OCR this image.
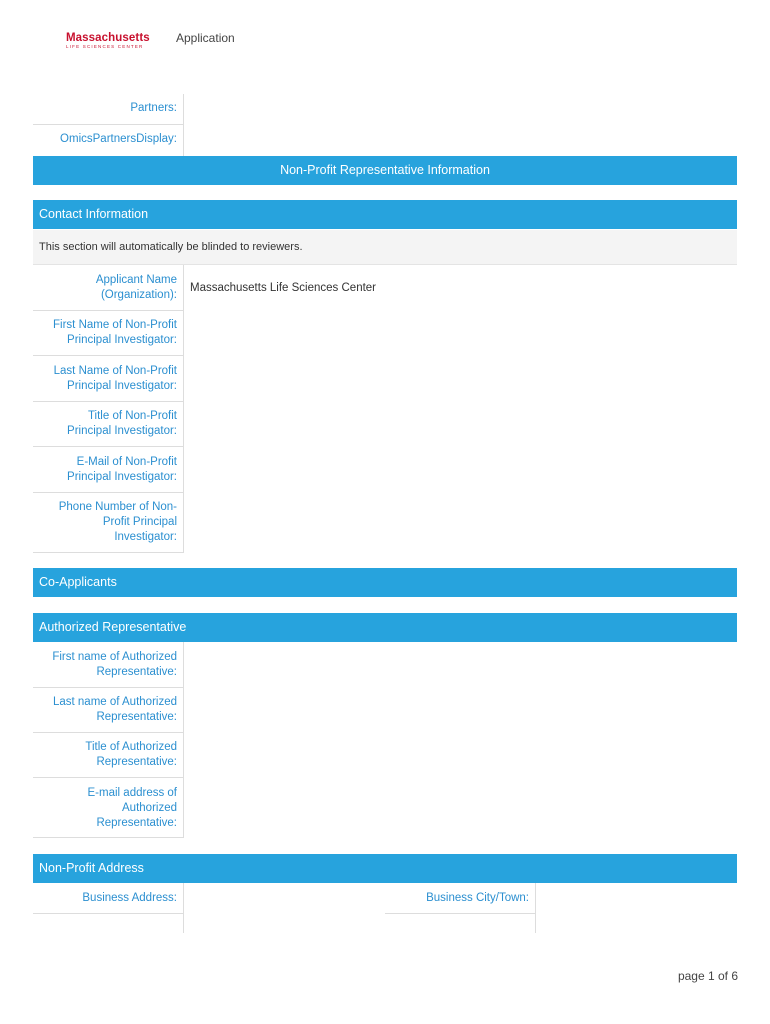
Massachusetts
LIFE SCIENCES CENTER
Application
Partners:
OmicsPartnersDisplay:
Non-Profit Representative Information
Contact Information
This section will automatically be blinded to reviewers.
Applicant Name
(Organization):
Massachusetts Life Sciences Center
First Name of Non-Profit
Principal Investigator:
Last Name of Non-Profit
Principal Investigator:
Title of Non-Profit
Principal Investigator:
E-Mail of Non-Profit
Principal Investigator:
Phone Number of Non-
Profit Principal
Investigator:
Co-Applicants
Authorized Representative
First name of Authorized
Representative:
Last name of Authorized
Representative:
Title of Authorized
Representative:
E-mail address of
Authorized
Representative:
Non-Profit Address
Business Address:	Business City/Town:
page 1 of 6
